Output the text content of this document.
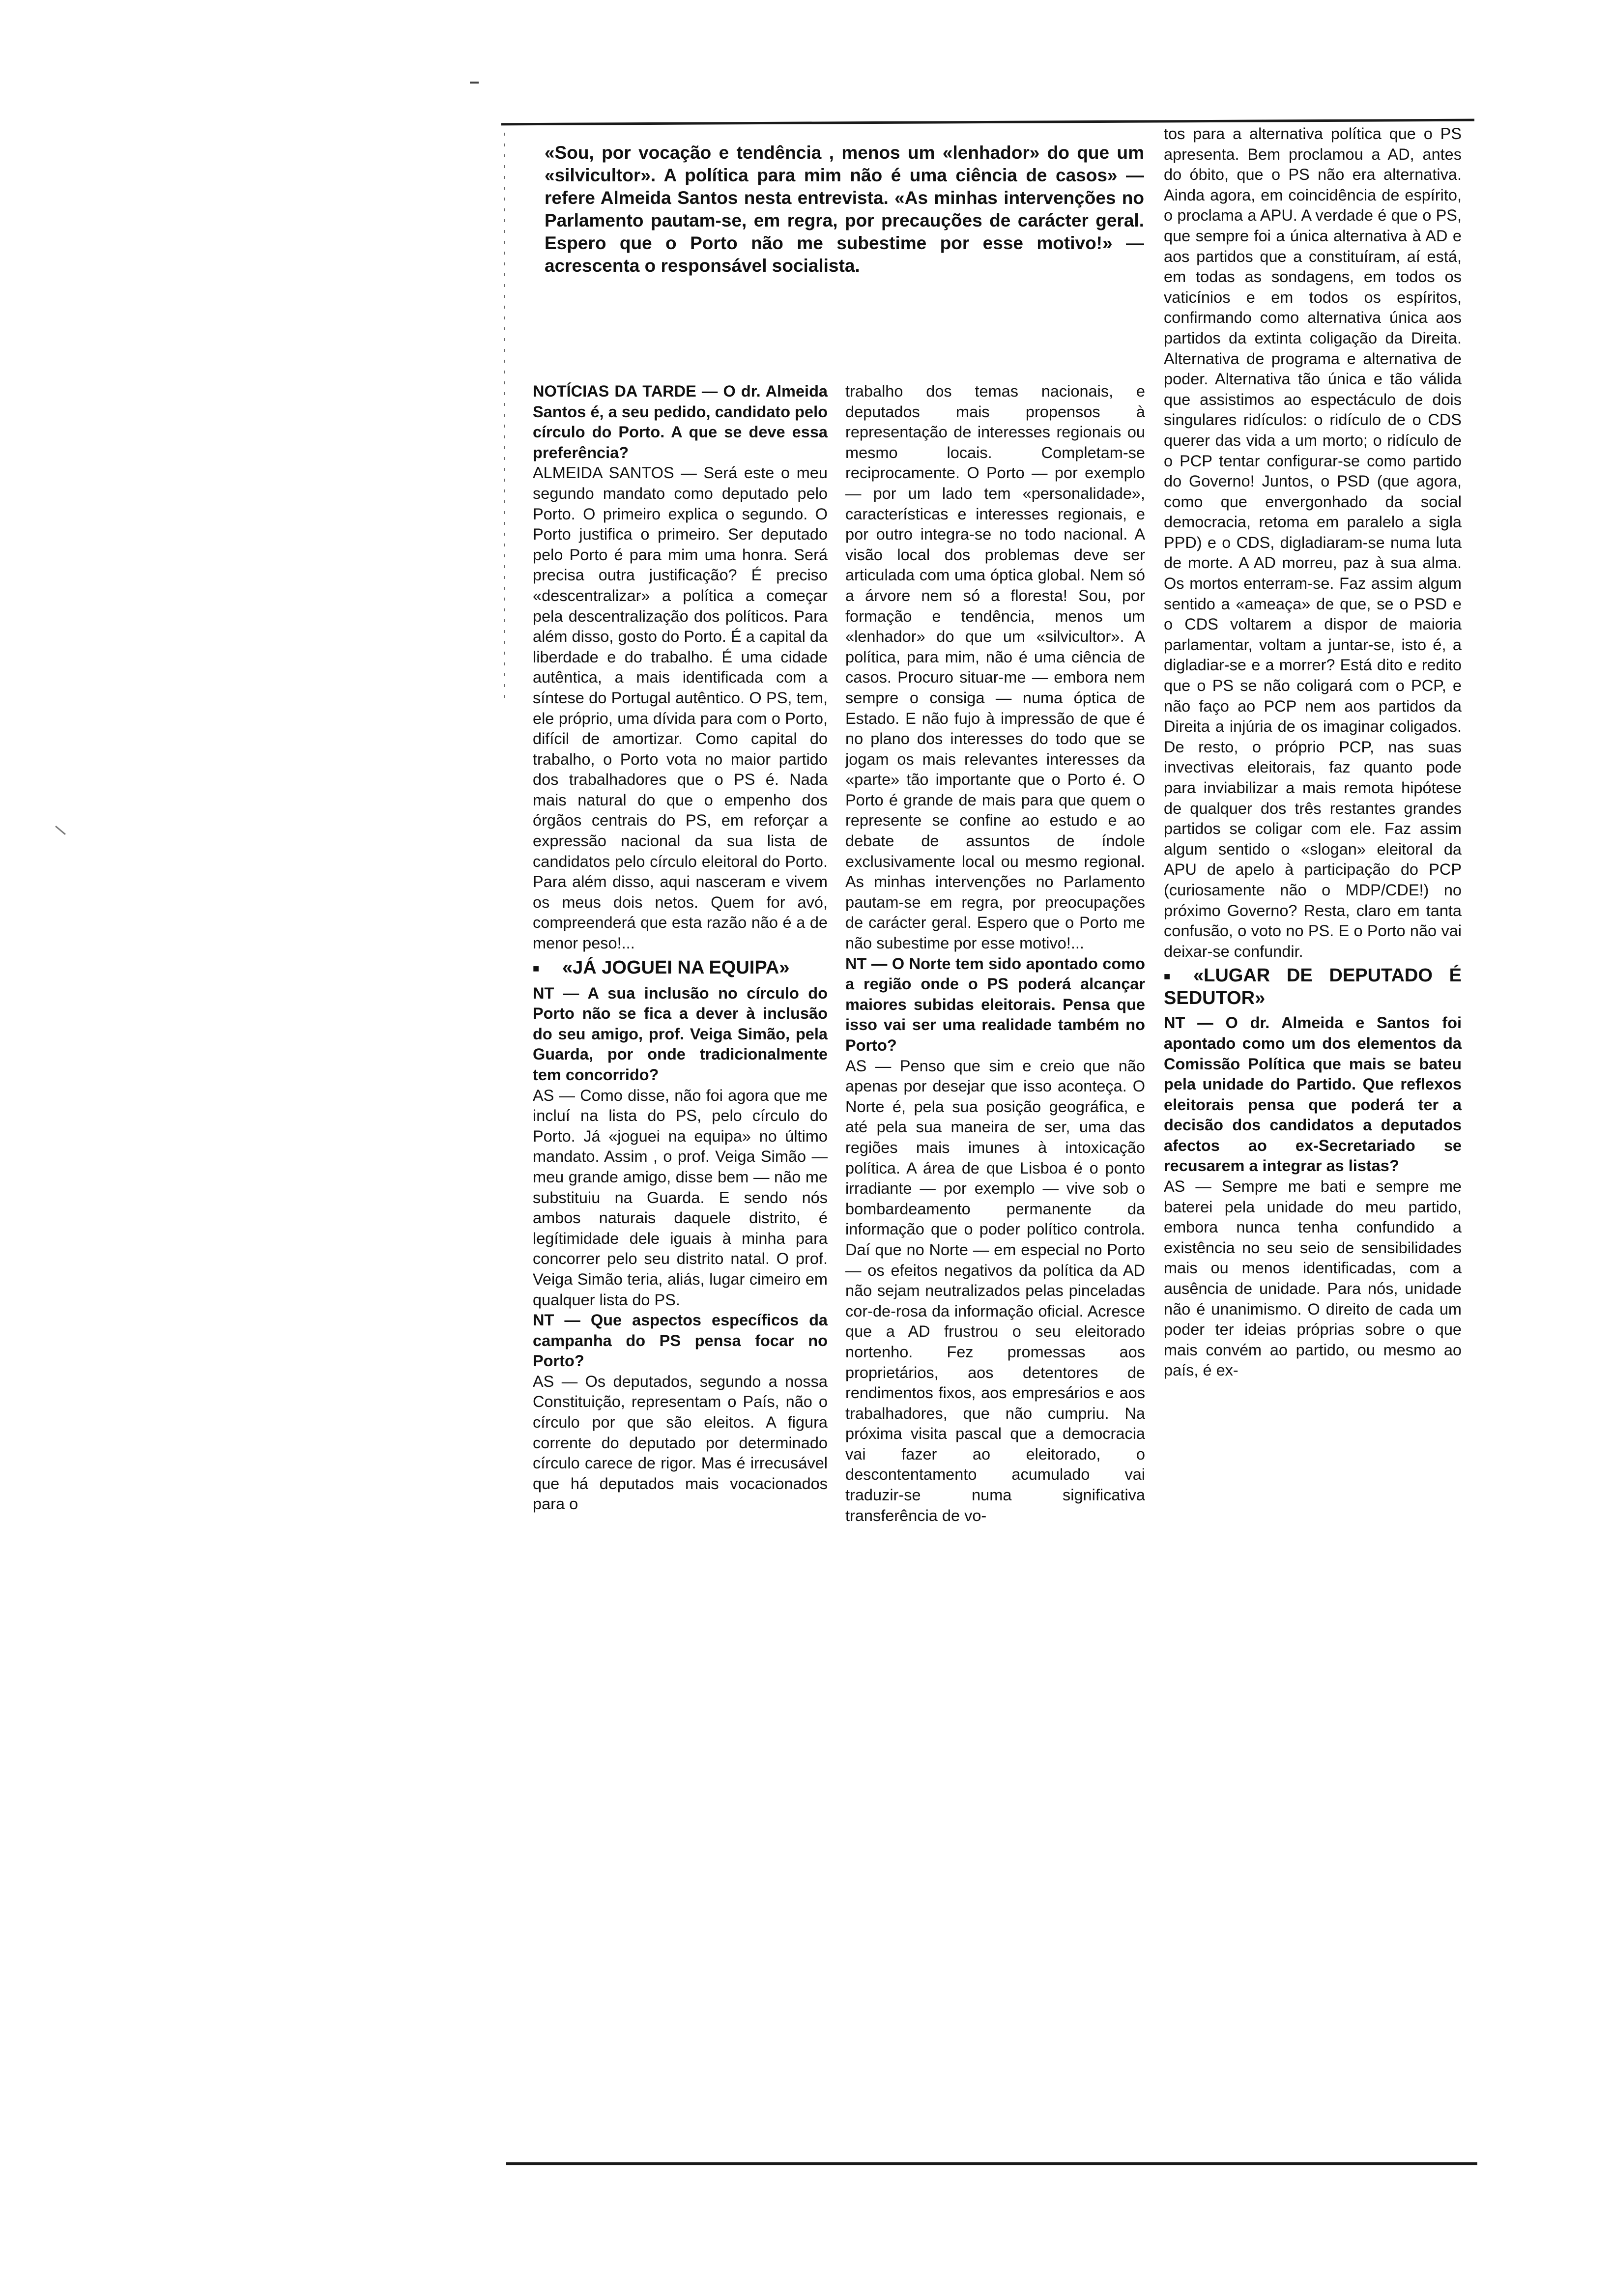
«Sou, por vocação e tendência , menos um «lenhador» do que um «silvicultor». A política para mim não é uma ciência de casos» — refere Almeida Santos nesta entrevista. «As minhas intervenções no Parlamento pautam-se, em regra, por precauções de carácter geral. Espero que o Porto não me subestime por esse motivo!» — acrescenta o responsável socialista.

NOTÍCIAS DA TARDE — O dr. Almeida Santos é, a seu pedido, candidato pelo círculo do Porto. A que se deve essa preferência?

ALMEIDA SANTOS — Será este o meu segundo mandato como deputado pelo Porto. O primeiro explica o segundo. O Porto justifica o primeiro. Ser deputado pelo Porto é para mim uma honra. Será precisa outra justificação? É preciso «descentralizar» a política a começar pela descentralização dos políticos. Para além disso, gosto do Porto. É a capital da liberdade e do trabalho. É uma cidade autêntica, a mais identificada com a síntese do Portugal autêntico. O PS, tem, ele próprio, uma dívida para com o Porto, difícil de amortizar. Como capital do trabalho, o Porto vota no maior partido dos trabalhadores que o PS é. Nada mais natural do que o empenho dos órgãos centrais do PS, em reforçar a expressão nacional da sua lista de candidatos pelo círculo eleitoral do Porto. Para além disso, aqui nasceram e vivem os meus dois netos. Quem for avó, compreenderá que esta razão não é a de menor peso!...

■ «JÁ JOGUEI NA EQUIPA»

NT — A sua inclusão no círculo do Porto não se fica a dever à inclusão do seu amigo, prof. Veiga Simão, pela Guarda, por onde tradicionalmente tem concorrido?

AS — Como disse, não foi agora que me incluí na lista do PS, pelo círculo do Porto. Já «joguei na equipa» no último mandato. Assim , o prof. Veiga Simão — meu grande amigo, disse bem — não me substituiu na Guarda. E sendo nós ambos naturais daquele distrito, é legítimidade dele iguais à minha para concorrer pelo seu distrito natal. O prof. Veiga Simão teria, aliás, lugar cimeiro em qualquer lista do PS.

NT — Que aspectos específicos da campanha do PS pensa focar no Porto?

AS — Os deputados, segundo a nossa Constituição, representam o País, não o círculo por que são eleitos. A figura corrente do deputado por determinado círculo carece de rigor. Mas é irrecusável que há deputados mais vocacionados para o

trabalho dos temas nacionais, e deputados mais propensos à representação de interesses regionais ou mesmo locais. Completam-se reciprocamente. O Porto — por exemplo — por um lado tem «personalidade», características e interesses regionais, e por outro integra-se no todo nacional. A visão local dos problemas deve ser articulada com uma óptica global. Nem só a árvore nem só a floresta! Sou, por formação e tendência, menos um «lenhador» do que um «silvicultor». A política, para mim, não é uma ciência de casos. Procuro situar-me — embora nem sempre o consiga — numa óptica de Estado. E não fujo à impressão de que é no plano dos interesses do todo que se jogam os mais relevantes interesses da «parte» tão importante que o Porto é. O Porto é grande de mais para que quem o represente se confine ao estudo e ao debate de assuntos de índole exclusivamente local ou mesmo regional. As minhas intervenções no Parlamento pautam-se em regra, por preocupações de carácter geral. Espero que o Porto me não subestime por esse motivo!...

NT — O Norte tem sido apontado como a região onde o PS poderá alcançar maiores subidas eleitorais. Pensa que isso vai ser uma realidade também no Porto?

AS — Penso que sim e creio que não apenas por desejar que isso aconteça. O Norte é, pela sua posição geográfica, e até pela sua maneira de ser, uma das regiões mais imunes à intoxicação política. A área de que Lisboa é o ponto irradiante — por exemplo — vive sob o bombardeamento permanente da informação que o poder político controla. Daí que no Norte — em especial no Porto — os efeitos negativos da política da AD não sejam neutralizados pelas pinceladas cor-de-rosa da informação oficial. Acresce que a AD frustrou o seu eleitorado nortenho. Fez promessas aos proprietários, aos detentores de rendimentos fixos, aos empresários e aos trabalhadores, que não cumpriu. Na próxima visita pascal que a democracia vai fazer ao eleitorado, o descontentamento acumulado vai traduzir-se numa significativa transferência de vo-

tos para a alternativa política que o PS apresenta. Bem proclamou a AD, antes do óbito, que o PS não era alternativa. Ainda agora, em coincidência de espírito, o proclama a APU. A verdade é que o PS, que sempre foi a única alternativa à AD e aos partidos que a constituíram, aí está, em todas as sondagens, em todos os vaticínios e em todos os espíritos, confirmando como alternativa única aos partidos da extinta coligação da Direita. Alternativa de programa e alternativa de poder. Alternativa tão única e tão válida que assistimos ao espectáculo de dois singulares ridículos: o ridículo de o CDS querer das vida a um morto; o ridículo de o PCP tentar configurar-se como partido do Governo! Juntos, o PSD (que agora, como que envergonhado da social democracia, retoma em paralelo a sigla PPD) e o CDS, digladiaram-se numa luta de morte. A AD morreu, paz à sua alma. Os mortos enterram-se. Faz assim algum sentido a «ameaça» de que, se o PSD e o CDS voltarem a dispor de maioria parlamentar, voltam a juntar-se, isto é, a digladiar-se e a morrer? Está dito e redito que o PS se não coligará com o PCP, e não faço ao PCP nem aos partidos da Direita a injúria de os imaginar coligados. De resto, o próprio PCP, nas suas invectivas eleitorais, faz quanto pode para inviabilizar a mais remota hipótese de qualquer dos três restantes grandes partidos se coligar com ele. Faz assim algum sentido o «slogan» eleitoral da APU de apelo à participação do PCP (curiosamente não o MDP/CDE!) no próximo Governo? Resta, claro em tanta confusão, o voto no PS. E o Porto não vai deixar-se confundir.

■ «LUGAR DE DEPUTADO É SEDUTOR»

NT — O dr. Almeida e Santos foi apontado como um dos elementos da Comissão Política que mais se bateu pela unidade do Partido. Que reflexos eleitorais pensa que poderá ter a decisão dos candidatos a deputados afectos ao ex-Secretariado se recusarem a integrar as listas?

AS — Sempre me bati e sempre me baterei pela unidade do meu partido, embora nunca tenha confundido a existência no seu seio de sensibilidades mais ou menos identificadas, com a ausência de unidade. Para nós, unidade não é unanimismo. O direito de cada um poder ter ideias próprias sobre o que mais convém ao partido, ou mesmo ao país, é ex-
